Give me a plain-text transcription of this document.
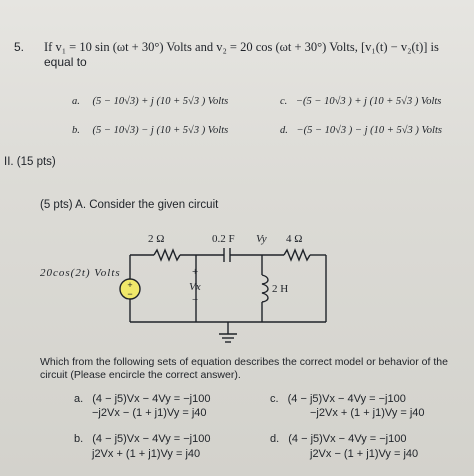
5. If v₁ = 10 sin (ωt + 30°) Volts and v₂ = 20 cos (ωt + 30°) Volts, [v₁(t) − v₂(t)] is
equal to
a. (5 − 10√3) + j (10 + 5√3 ) Volts	c. −(5 − 10√3 ) + j (10 + 5√3 ) Volts
b. (5 − 10√3) − j (10 + 5√3 ) Volts	d. −(5 − 10√3 ) − j (10 + 5√3 ) Volts
II. (15 pts)
(5 pts) A. Consider the given circuit
+
−
2 Ω	0.2 F Vy 4 Ω
20cos(2t) Volts	+
Vx
−
2 H
Which from the following sets of equation describes the correct model or behavior of the
circuit (Please encircle the correct answer).
a. (4 − j5)Vx − 4Vy = −j100
−j2Vx − (1 + j1)Vy = j40
c. (4 − j5)Vx − 4Vy = −j100
−j2Vx + (1 + j1)Vy = j40
b. (4 − j5)Vx − 4Vy = −j100
j2Vx + (1 + j1)Vy = j40
d. (4 − j5)Vx − 4Vy = −j100
j2Vx − (1 + j1)Vy = j40
